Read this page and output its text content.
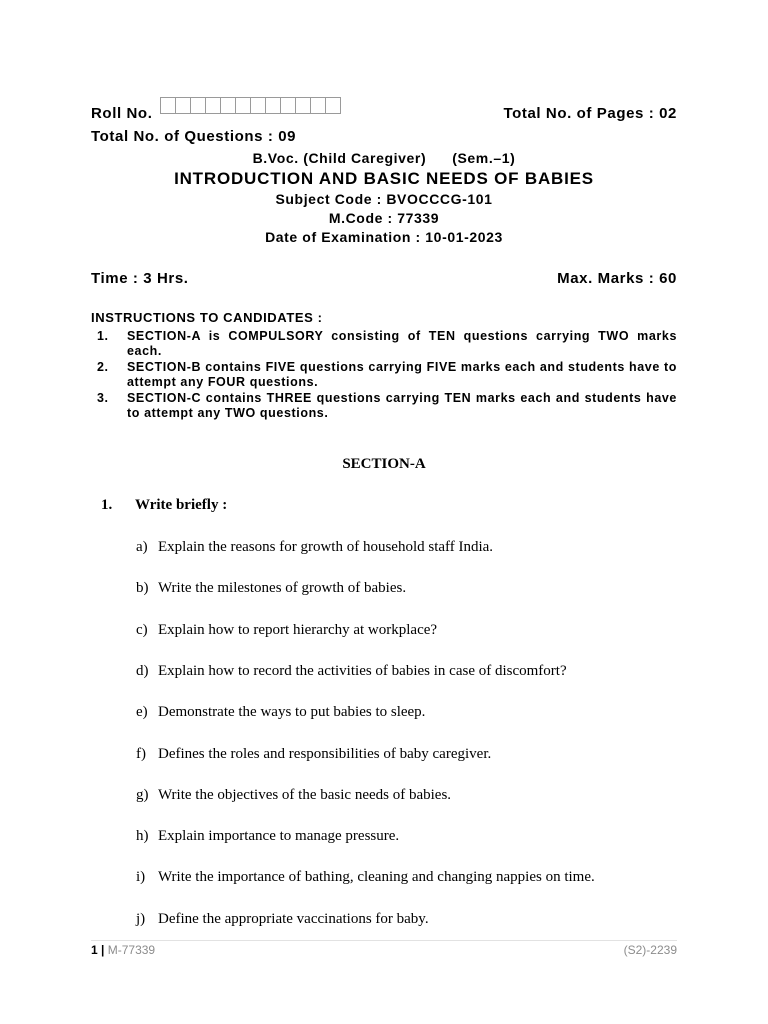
Roll No.	Total No. of Pages : 02
Total No. of Questions : 09
B.Voc. (Child Caregiver) (Sem.–1)
INTRODUCTION AND BASIC NEEDS OF BABIES
Subject Code : BVOCCCG-101
M.Code : 77339
Date of Examination : 10-01-2023
Time : 3 Hrs.	Max. Marks : 60
INSTRUCTIONS TO CANDIDATES :
1.	SECTION-A is COMPULSORY consisting of TEN questions carrying TWO marks each.
2.	SECTION-B contains FIVE questions carrying FIVE marks each and students have to attempt any FOUR questions.
3.	SECTION-C contains THREE questions carrying TEN marks each and students have to attempt any TWO questions.
SECTION-A
1. Write briefly :
a) Explain the reasons for growth of household staff India.
b) Write the milestones of growth of babies.
c) Explain how to report hierarchy at workplace?
d) Explain how to record the activities of babies in case of discomfort?
e) Demonstrate the ways to put babies to sleep.
f) Defines the roles and responsibilities of baby caregiver.
g) Write the objectives of the basic needs of babies.
h) Explain importance to manage pressure.
i) Write the importance of bathing, cleaning and changing nappies on time.
j) Define the appropriate vaccinations for baby.
1 | M-77339	(S2)-2239
